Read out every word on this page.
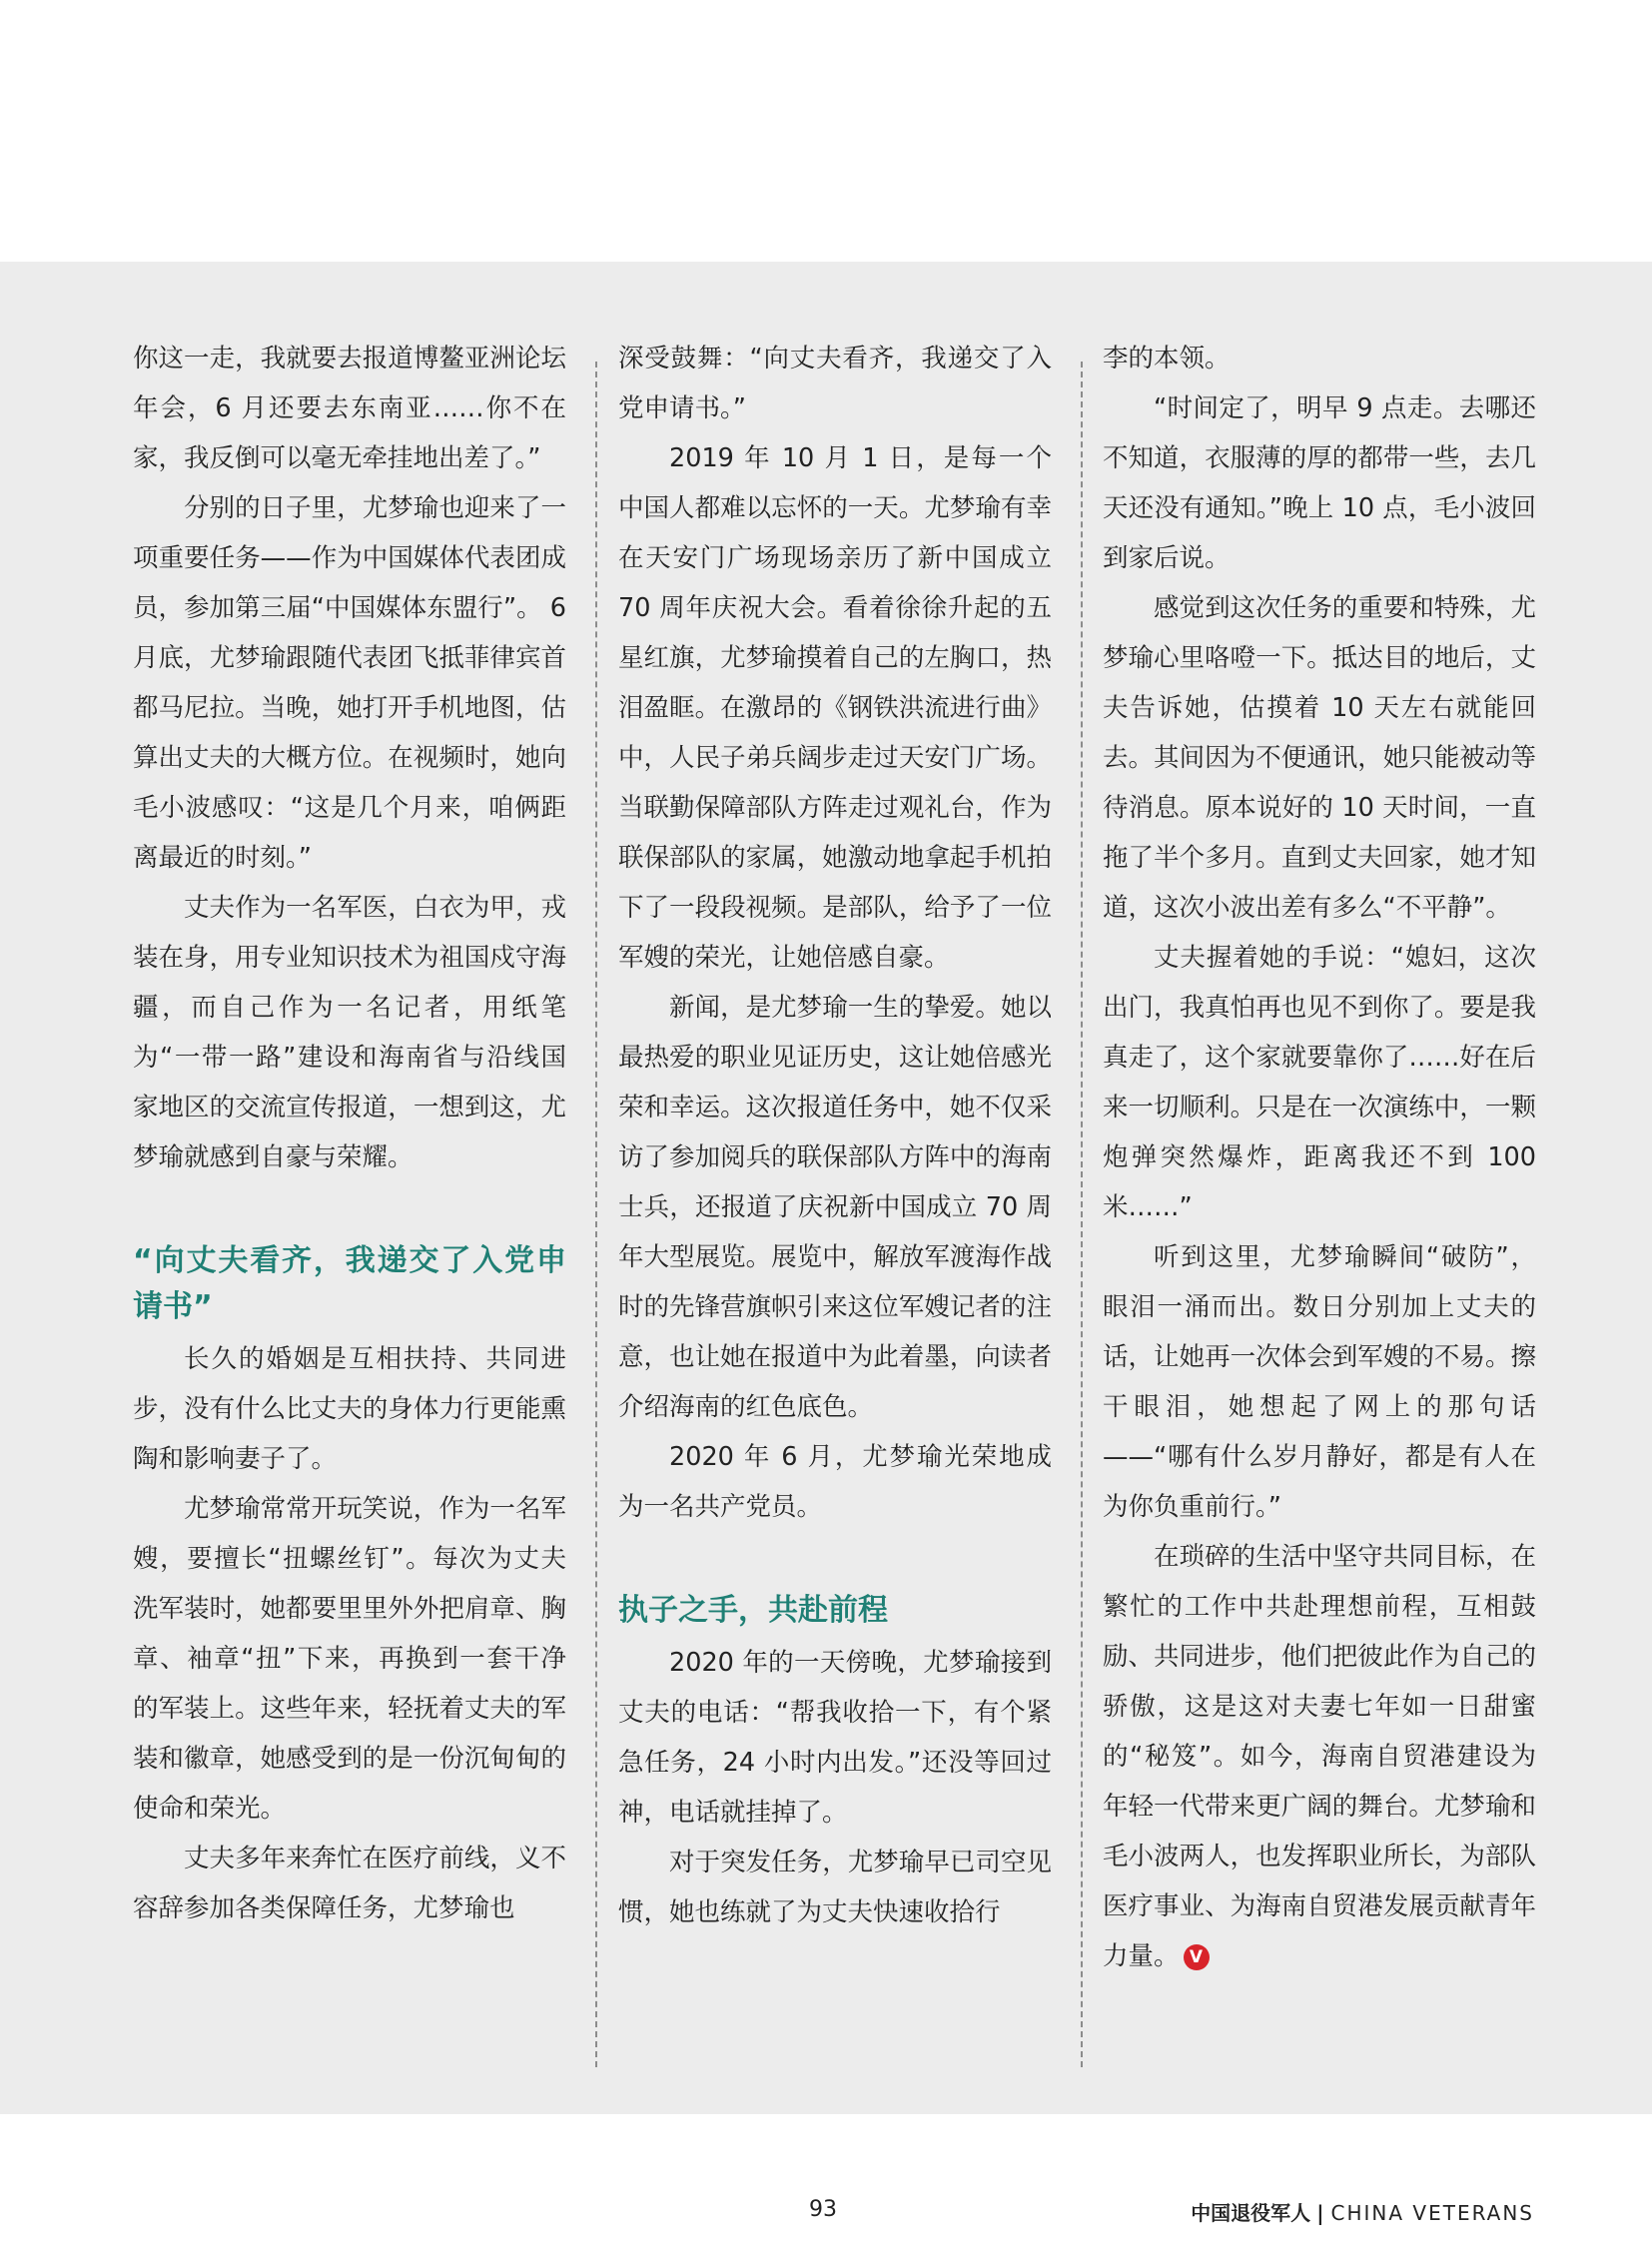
你这一走，我就要去报道博鳌亚洲论坛年会，6 月还要去东南亚……你不在家，我反倒可以毫无牵挂地出差了。”

分别的日子里，尤梦瑜也迎来了一项重要任务——作为中国媒体代表团成员，参加第三届“中国媒体东盟行”。 6 月底，尤梦瑜跟随代表团飞抵菲律宾首都马尼拉。当晚，她打开手机地图，估算出丈夫的大概方位。在视频时，她向毛小波感叹：“这是几个月来，咱俩距离最近的时刻。”

丈夫作为一名军医，白衣为甲，戎装在身，用专业知识技术为祖国戍守海疆，而自己作为一名记者，用纸笔为“一带一路”建设和海南省与沿线国家地区的交流宣传报道，一想到这，尤梦瑜就感到自豪与荣耀。

“向丈夫看齐，我递交了入党申请书”

长久的婚姻是互相扶持、共同进步，没有什么比丈夫的身体力行更能熏陶和影响妻子了。

尤梦瑜常常开玩笑说，作为一名军嫂，要擅长“扭螺丝钉”。每次为丈夫洗军装时，她都要里里外外把肩章、胸章、袖章“扭”下来，再换到一套干净的军装上。这些年来，轻抚着丈夫的军装和徽章，她感受到的是一份沉甸甸的使命和荣光。

丈夫多年来奔忙在医疗前线，义不容辞参加各类保障任务，尤梦瑜也

深受鼓舞：“向丈夫看齐，我递交了入党申请书。”

2019 年 10 月 1 日，是每一个中国人都难以忘怀的一天。尤梦瑜有幸在天安门广场现场亲历了新中国成立 70 周年庆祝大会。看着徐徐升起的五星红旗，尤梦瑜摸着自己的左胸口，热泪盈眶。在激昂的《钢铁洪流进行曲》中，人民子弟兵阔步走过天安门广场。当联勤保障部队方阵走过观礼台，作为联保部队的家属，她激动地拿起手机拍下了一段段视频。是部队，给予了一位军嫂的荣光，让她倍感自豪。

新闻，是尤梦瑜一生的挚爱。她以最热爱的职业见证历史，这让她倍感光荣和幸运。这次报道任务中，她不仅采访了参加阅兵的联保部队方阵中的海南士兵，还报道了庆祝新中国成立 70 周年大型展览。展览中，解放军渡海作战时的先锋营旗帜引来这位军嫂记者的注意，也让她在报道中为此着墨，向读者介绍海南的红色底色。

2020 年 6 月，尤梦瑜光荣地成为一名共产党员。

执子之手，共赴前程

2020 年的一天傍晚，尤梦瑜接到丈夫的电话：“帮我收拾一下，有个紧急任务，24 小时内出发。”还没等回过神，电话就挂掉了。

对于突发任务，尤梦瑜早已司空见惯，她也练就了为丈夫快速收拾行

李的本领。

“时间定了，明早 9 点走。去哪还不知道，衣服薄的厚的都带一些，去几天还没有通知。”晚上 10 点，毛小波回到家后说。

感觉到这次任务的重要和特殊，尤梦瑜心里咯噔一下。抵达目的地后，丈夫告诉她，估摸着 10 天左右就能回去。其间因为不便通讯，她只能被动等待消息。原本说好的 10 天时间，一直拖了半个多月。直到丈夫回家，她才知道，这次小波出差有多么“不平静”。

丈夫握着她的手说：“媳妇，这次出门，我真怕再也见不到你了。要是我真走了，这个家就要靠你了……好在后来一切顺利。只是在一次演练中，一颗炮弹突然爆炸，距离我还不到 100 米……”

听到这里，尤梦瑜瞬间“破防”，眼泪一涌而出。数日分别加上丈夫的话，让她再一次体会到军嫂的不易。擦干眼泪，她想起了网上的那句话——“哪有什么岁月静好，都是有人在为你负重前行。”

在琐碎的生活中坚守共同目标，在繁忙的工作中共赴理想前程，互相鼓励、共同进步，他们把彼此作为自己的骄傲，这是这对夫妻七年如一日甜蜜的“秘笈”。如今，海南自贸港建设为年轻一代带来更广阔的舞台。尤梦瑜和毛小波两人，也发挥职业所长，为部队医疗事业、为海南自贸港发展贡献青年力量。 V

93	中国退役军人 | CHINA VETERANS
